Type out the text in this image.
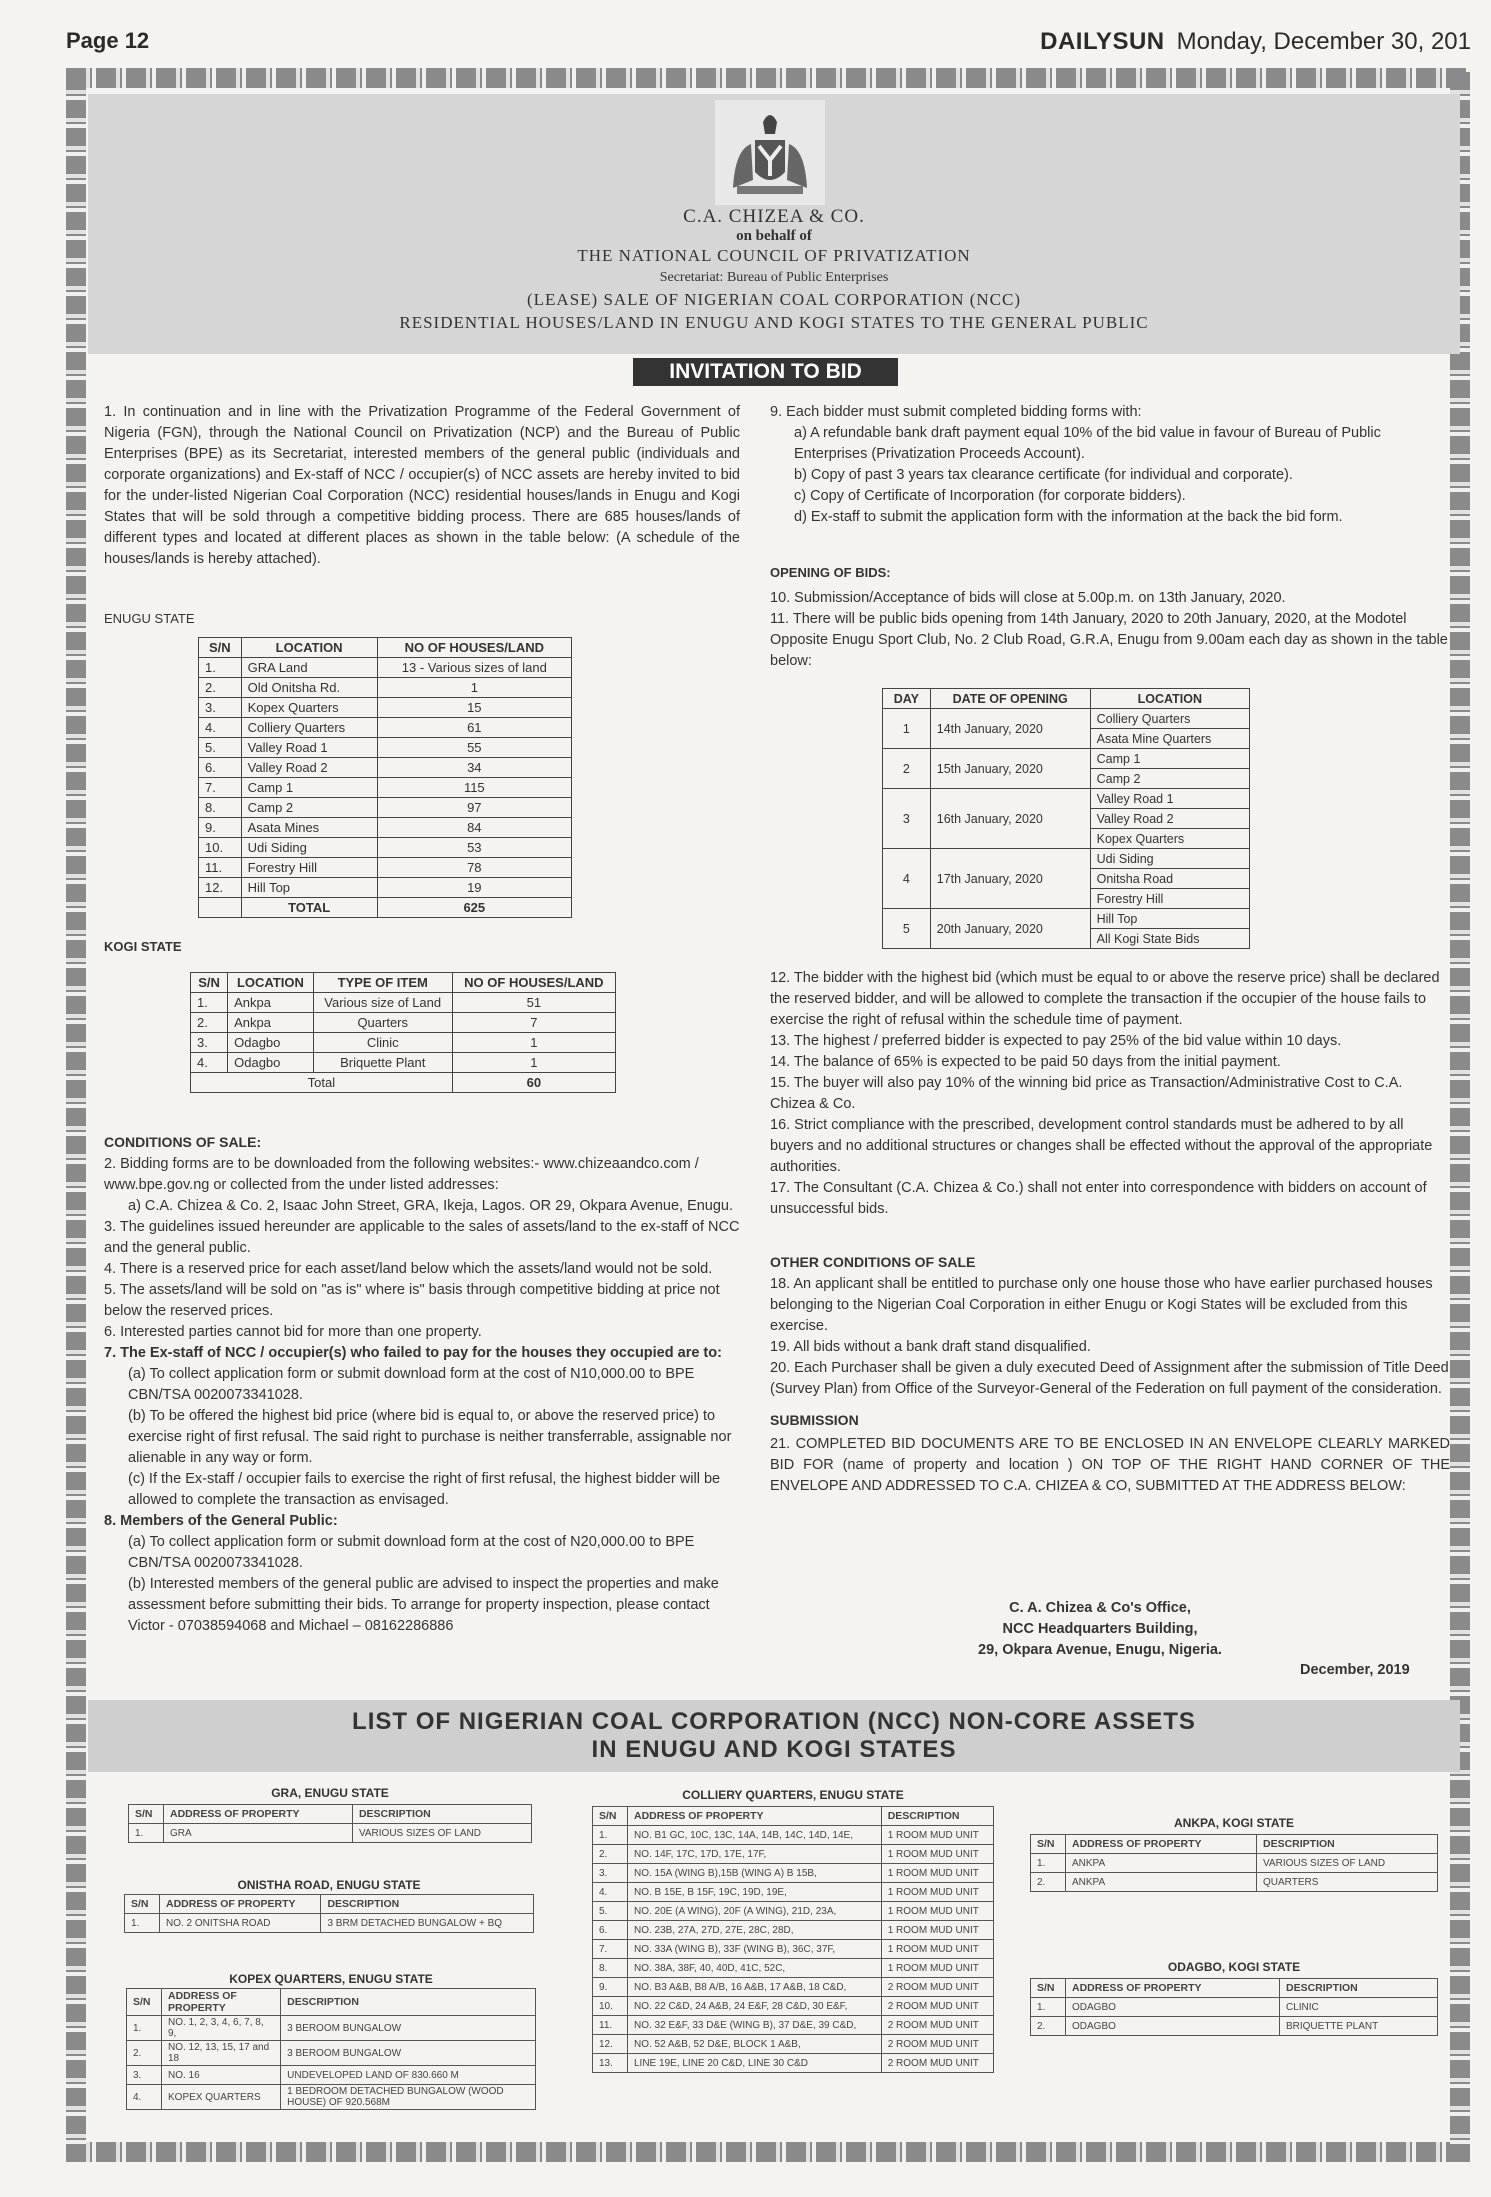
Page 12	DAILYSUN Monday, December 30, 201
C.A. CHIZEA & CO.
on behalf of
THE NATIONAL COUNCIL OF PRIVATIZATION
Secretariat: Bureau of Public Enterprises
(LEASE) SALE OF NIGERIAN COAL CORPORATION (NCC)
RESIDENTIAL HOUSES/LAND IN ENUGU AND KOGI STATES TO THE GENERAL PUBLIC
INVITATION TO BID
1. In continuation and in line with the Privatization Programme of the Federal Government of Nigeria (FGN), through the National Council on Privatization (NCP) and the Bureau of Public Enterprises (BPE) as its Secretariat, interested members of the general public (individuals and corporate organizations) and Ex-staff of NCC / occupier(s) of NCC assets are hereby invited to bid for the under-listed Nigerian Coal Corporation (NCC) residential houses/lands in Enugu and Kogi States that will be sold through a competitive bidding process. There are 685 houses/lands of different types and located at different places as shown in the table below: (A schedule of the houses/lands is hereby attached).
ENUGU STATE
S/N	LOCATION	NO OF HOUSES/LAND
1.	GRA Land	13 - Various sizes of land
2.	Old Onitsha Rd.	1
3.	Kopex Quarters	15
4.	Colliery Quarters	61
5.	Valley Road 1	55
6.	Valley Road 2	34
7.	Camp 1	115
8.	Camp 2	97
9.	Asata Mines	84
10.	Udi Siding	53
11.	Forestry Hill	78
12.	Hill Top	19
	TOTAL	625
KOGI STATE
S/N	LOCATION	TYPE OF ITEM	NO OF HOUSES/LAND
1.	Ankpa	Various size of Land	51
2.	Ankpa	Quarters	7
3.	Odagbo	Clinic	1
4.	Odagbo	Briquette Plant	1
Total			60
CONDITIONS OF SALE:
2. Bidding forms are to be downloaded from the following websites:- www.chizeaandco.com / www.bpe.gov.ng or collected from the under listed addresses:
a) C.A. Chizea & Co. 2, Isaac John Street, GRA, Ikeja, Lagos. OR 29, Okpara Avenue, Enugu.
3. The guidelines issued hereunder are applicable to the sales of assets/land to the ex-staff of NCC and the general public.
4. There is a reserved price for each asset/land below which the assets/land would not be sold.
5. The assets/land will be sold on "as is" where is" basis through competitive bidding at price not below the reserved prices.
6. Interested parties cannot bid for more than one property.
7. The Ex-staff of NCC / occupier(s) who failed to pay for the houses they occupied are to:
(a) To collect application form or submit download form at the cost of N10,000.00 to BPE CBN/TSA 0020073341028.
(b) To be offered the highest bid price (where bid is equal to, or above the reserved price) to exercise right of first refusal. The said right to purchase is neither transferrable, assignable nor alienable in any way or form.
(c) If the Ex-staff / occupier fails to exercise the right of first refusal, the highest bidder will be allowed to complete the transaction as envisaged.
8. Members of the General Public:
(a) To collect application form or submit download form at the cost of N20,000.00 to BPE CBN/TSA 0020073341028.
(b) Interested members of the general public are advised to inspect the properties and make assessment before submitting their bids. To arrange for property inspection, please contact Victor - 07038594068 and Michael – 08162286886
9. Each bidder must submit completed bidding forms with:
a) A refundable bank draft payment equal 10% of the bid value in favour of Bureau of Public Enterprises (Privatization Proceeds Account).
b) Copy of past 3 years tax clearance certificate (for individual and corporate).
c) Copy of Certificate of Incorporation (for corporate bidders).
d) Ex-staff to submit the application form with the information at the back the bid form.
OPENING OF BIDS:
10. Submission/Acceptance of bids will close at 5.00p.m. on 13th January, 2020.
11. There will be public bids opening from 14th January, 2020 to 20th January, 2020, at the Modotel Opposite Enugu Sport Club, No. 2 Club Road, G.R.A, Enugu from 9.00am each day as shown in the table below:
DAY	DATE OF OPENING	LOCATION
1	14th January, 2020	Colliery Quarters
		Asata Mine Quarters
2	15th January, 2020	Camp 1
		Camp 2
3	16th January, 2020	Valley Road 1
		Valley Road 2
		Kopex Quarters
4	17th January, 2020	Udi Siding
		Onitsha Road
		Forestry Hill
5	20th January, 2020	Hill Top
		All Kogi State Bids
12. The bidder with the highest bid (which must be equal to or above the reserve price) shall be declared the reserved bidder, and will be allowed to complete the transaction if the occupier of the house fails to exercise the right of refusal within the schedule time of payment.
13. The highest / preferred bidder is expected to pay 25% of the bid value within 10 days.
14. The balance of 65% is expected to be paid 50 days from the initial payment.
15. The buyer will also pay 10% of the winning bid price as Transaction/Administrative Cost to C.A. Chizea & Co.
16. Strict compliance with the prescribed, development control standards must be adhered to by all buyers and no additional structures or changes shall be effected without the approval of the appropriate authorities.
17. The Consultant (C.A. Chizea & Co.) shall not enter into correspondence with bidders on account of unsuccessful bids.
OTHER CONDITIONS OF SALE
18. An applicant shall be entitled to purchase only one house those who have earlier purchased houses belonging to the Nigerian Coal Corporation in either Enugu or Kogi States will be excluded from this exercise.
19. All bids without a bank draft stand disqualified.
20. Each Purchaser shall be given a duly executed Deed of Assignment after the submission of Title Deed (Survey Plan) from Office of the Surveyor-General of the Federation on full payment of the consideration.
SUBMISSION
21. COMPLETED BID DOCUMENTS ARE TO BE ENCLOSED IN AN ENVELOPE CLEARLY MARKED BID FOR (name of property and location ) ON TOP OF THE RIGHT HAND CORNER OF THE ENVELOPE AND ADDRESSED TO C.A. CHIZEA & CO, SUBMITTED AT THE ADDRESS BELOW:
C. A. Chizea & Co's Office,
NCC Headquarters Building,
29, Okpara Avenue, Enugu, Nigeria.
December, 2019
LIST OF NIGERIAN COAL CORPORATION (NCC) NON-CORE ASSETS
IN ENUGU AND KOGI STATES
GRA, ENUGU STATE
S/N	ADDRESS OF PROPERTY	DESCRIPTION
1.	GRA	VARIOUS SIZES OF LAND
ONISTHA ROAD, ENUGU STATE
S/N	ADDRESS OF PROPERTY	DESCRIPTION
1.	NO. 2 ONITSHA ROAD	3 BRM DETACHED BUNGALOW + BQ
KOPEX QUARTERS, ENUGU STATE
S/N	ADDRESS OF PROPERTY	DESCRIPTION
1.	NO. 1, 2, 3, 4, 6, 7, 8, 9,	3 BEROOM BUNGALOW
2.	NO. 12, 13, 15, 17 and 18	3 BEROOM BUNGALOW
3.	NO. 16	UNDEVELOPED LAND OF 830.660 M
4.	KOPEX QUARTERS	1 BEDROOM DETACHED BUNGALOW (WOOD HOUSE) OF 920.568M
COLLIERY QUARTERS, ENUGU STATE
S/N	ADDRESS OF PROPERTY	DESCRIPTION
1.	NO. B1 GC, 10C, 13C, 14A, 14B, 14C, 14D, 14E,	1 ROOM MUD UNIT
2.	NO. 14F, 17C, 17D, 17E, 17F,	1 ROOM MUD UNIT
3.	NO. 15A (WING B),15B (WING A) B 15B,	1 ROOM MUD UNIT
4.	NO. B 15E, B 15F, 19C, 19D, 19E,	1 ROOM MUD UNIT
5.	NO. 20E (A WING), 20F (A WING), 21D, 23A,	1 ROOM MUD UNIT
6.	NO. 23B, 27A, 27D, 27E, 28C, 28D,	1 ROOM MUD UNIT
7.	NO. 33A (WING B), 33F (WING B), 36C, 37F,	1 ROOM MUD UNIT
8.	NO. 38A, 38F, 40, 40D, 41C, 52C,	1 ROOM MUD UNIT
9.	NO. B3 A&B, B8 A/B, 16 A&B, 17 A&B, 18 C&D,	2 ROOM MUD UNIT
10.	NO. 22 C&D, 24 A&B, 24 E&F, 28 C&D, 30 E&F,	2 ROOM MUD UNIT
11.	NO. 32 E&F, 33 D&E (WING B), 37 D&E, 39 C&D,	2 ROOM MUD UNIT
12.	NO. 52 A&B, 52 D&E, BLOCK 1 A&B,	2 ROOM MUD UNIT
13.	LINE 19E, LINE 20 C&D, LINE 30 C&D	2 ROOM MUD UNIT
ANKPA, KOGI STATE
S/N	ADDRESS OF PROPERTY	DESCRIPTION
1.	ANKPA	VARIOUS SIZES OF LAND
2.	ANKPA	QUARTERS
ODAGBO, KOGI STATE
S/N	ADDRESS OF PROPERTY	DESCRIPTION
1.	ODAGBO	CLINIC
2.	ODAGBO	BRIQUETTE PLANT
